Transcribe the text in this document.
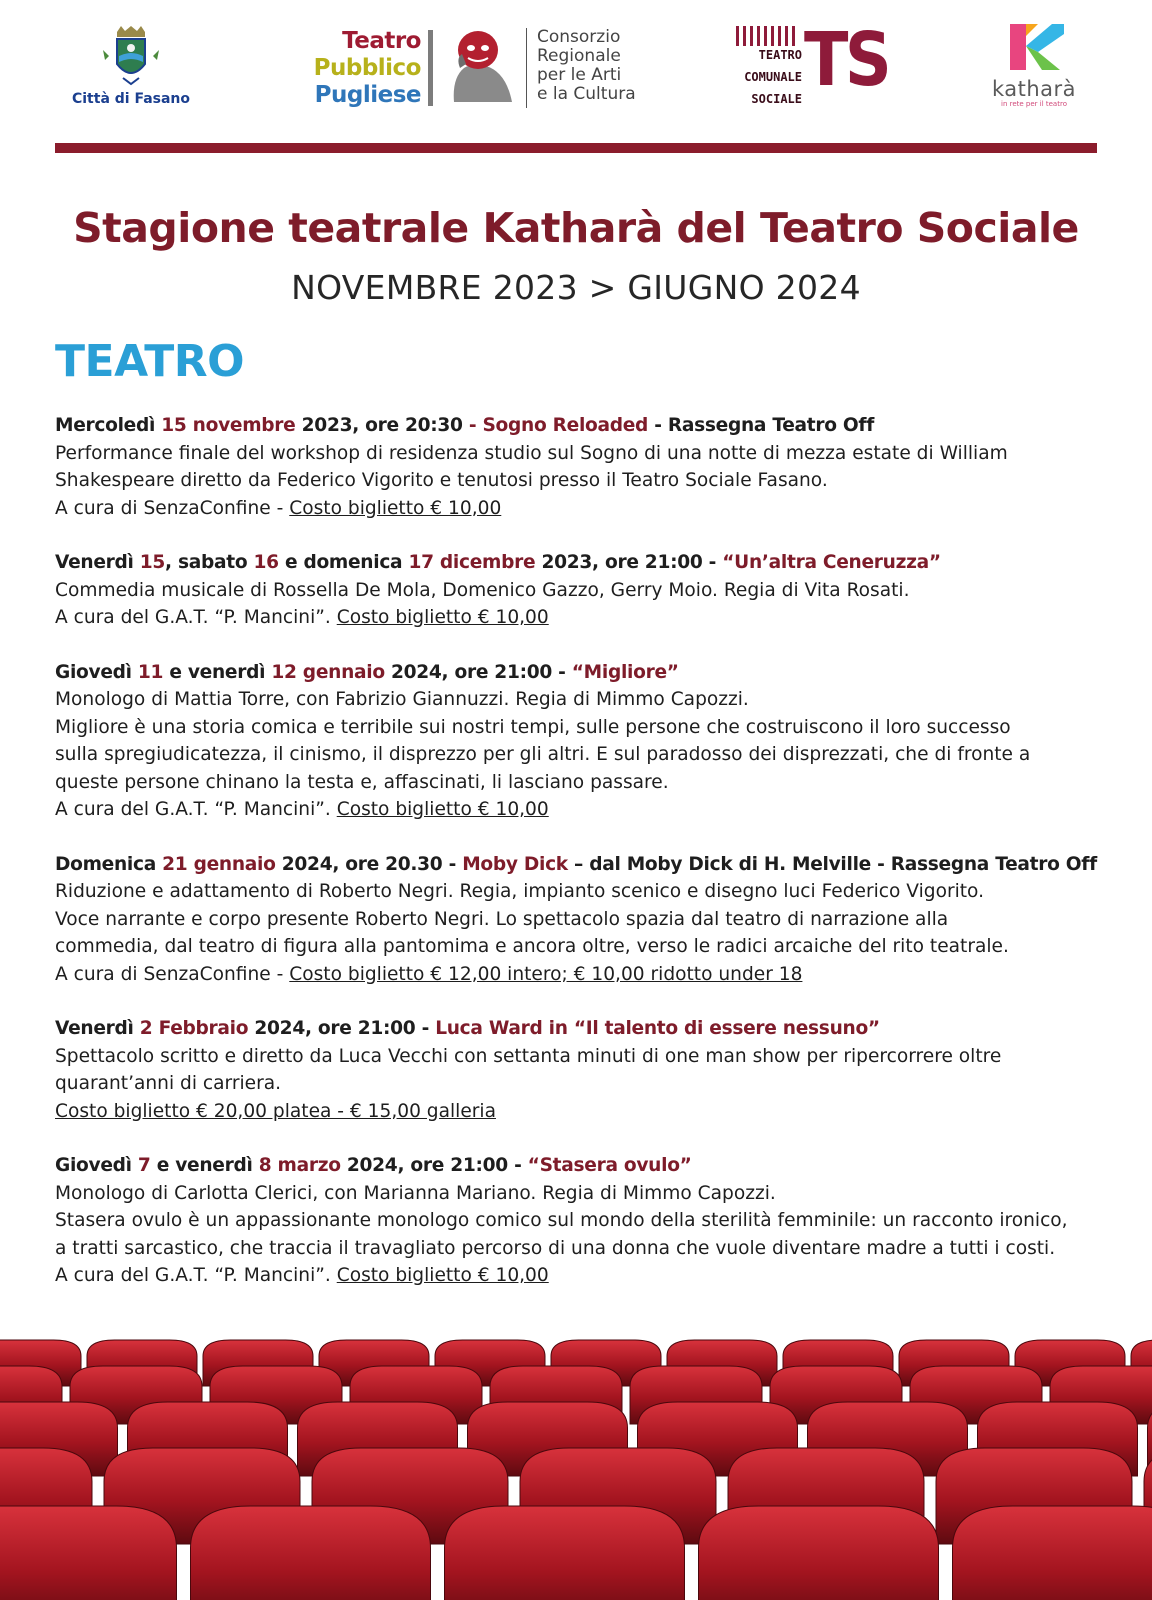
Città di Fasano
Teatro
Pubblico
Pugliese
Consorzio
Regionale
per le Arti
e la Cultura
TEATRO
COMUNALE
SOCIALE TS	katharà
in rete per il teatro
Stagione teatrale Katharà del Teatro Sociale
NOVEMBRE 2023 > GIUGNO 2024
TEATRO
Mercoledì 15 novembre 2023, ore 20:30 - Sogno Reloaded - Rassegna Teatro Off
Performance finale del workshop di residenza studio sul Sogno di una notte di mezza estate di William
Shakespeare diretto da Federico Vigorito e tenutosi presso il Teatro Sociale Fasano.
A cura di SenzaConfine - Costo biglietto € 10,00
Venerdì 15, sabato 16 e domenica 17 dicembre 2023, ore 21:00 - “Un’altra Ceneruzza”
Commedia musicale di Rossella De Mola, Domenico Gazzo, Gerry Moio. Regia di Vita Rosati.
A cura del G.A.T. “P. Mancini”. Costo biglietto € 10,00
Giovedì 11 e venerdì 12 gennaio 2024, ore 21:00 - “Migliore”
Monologo di Mattia Torre, con Fabrizio Giannuzzi. Regia di Mimmo Capozzi.
Migliore è una storia comica e terribile sui nostri tempi, sulle persone che costruiscono il loro successo
sulla spregiudicatezza, il cinismo, il disprezzo per gli altri. E sul paradosso dei disprezzati, che di fronte a
queste persone chinano la testa e, affascinati, li lasciano passare.
A cura del G.A.T. “P. Mancini”. Costo biglietto € 10,00
Domenica 21 gennaio 2024, ore 20.30 - Moby Dick – dal Moby Dick di H. Melville - Rassegna Teatro Off
Riduzione e adattamento di Roberto Negri. Regia, impianto scenico e disegno luci Federico Vigorito.
Voce narrante e corpo presente Roberto Negri. Lo spettacolo spazia dal teatro di narrazione alla
commedia, dal teatro di figura alla pantomima e ancora oltre, verso le radici arcaiche del rito teatrale.
A cura di SenzaConfine - Costo biglietto € 12,00 intero; € 10,00 ridotto under 18
Venerdì 2 Febbraio 2024, ore 21:00 - Luca Ward in “Il talento di essere nessuno”
Spettacolo scritto e diretto da Luca Vecchi con settanta minuti di one man show per ripercorrere oltre
quarant’anni di carriera.
Costo biglietto € 20,00 platea - € 15,00 galleria
Giovedì 7 e venerdì 8 marzo 2024, ore 21:00 - “Stasera ovulo”
Monologo di Carlotta Clerici, con Marianna Mariano. Regia di Mimmo Capozzi.
Stasera ovulo è un appassionante monologo comico sul mondo della sterilità femminile: un racconto ironico,
a tratti sarcastico, che traccia il travagliato percorso di una donna che vuole diventare madre a tutti i costi.
A cura del G.A.T. “P. Mancini”. Costo biglietto € 10,00
